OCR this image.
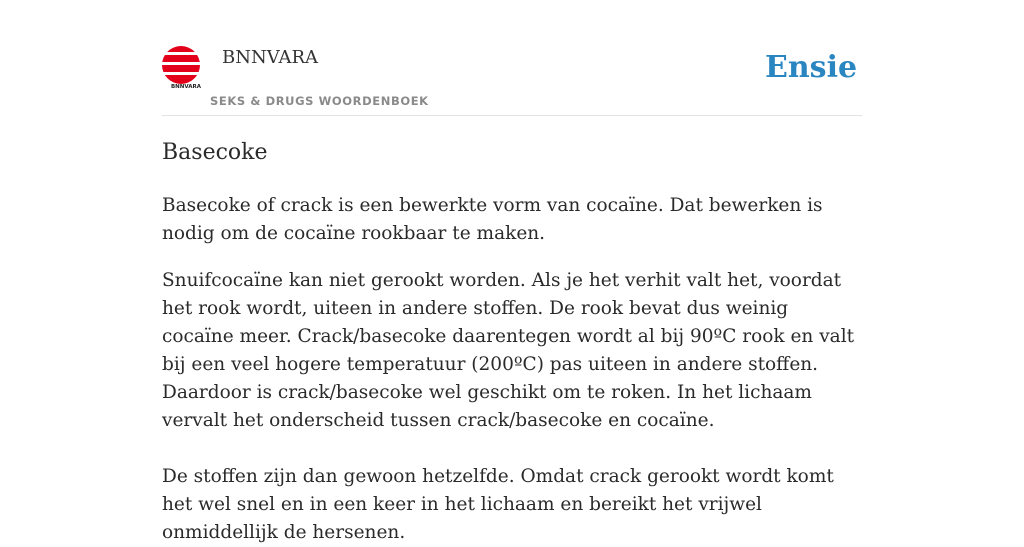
BNNVARA
BNNVARA
SEKS & DRUGS WOORDENBOEK
Ensie
Basecoke

Basecoke of crack is een bewerkte vorm van cocaïne. Dat bewerken is nodig om de cocaïne rookbaar te maken.

Snuifcocaïne kan niet gerookt worden. Als je het verhit valt het, voordat het rook wordt, uiteen in andere stoffen. De rook bevat dus weinig cocaïne meer. Crack/basecoke daarentegen wordt al bij 90ºC rook en valt bij een veel hogere temperatuur (200ºC) pas uiteen in andere stoffen. Daardoor is crack/basecoke wel geschikt om te roken. In het lichaam vervalt het onderscheid tussen crack/basecoke en cocaïne.

De stoffen zijn dan gewoon hetzelfde. Omdat crack gerookt wordt komt het wel snel en in een keer in het lichaam en bereikt het vrijwel onmiddellijk de hersenen.
